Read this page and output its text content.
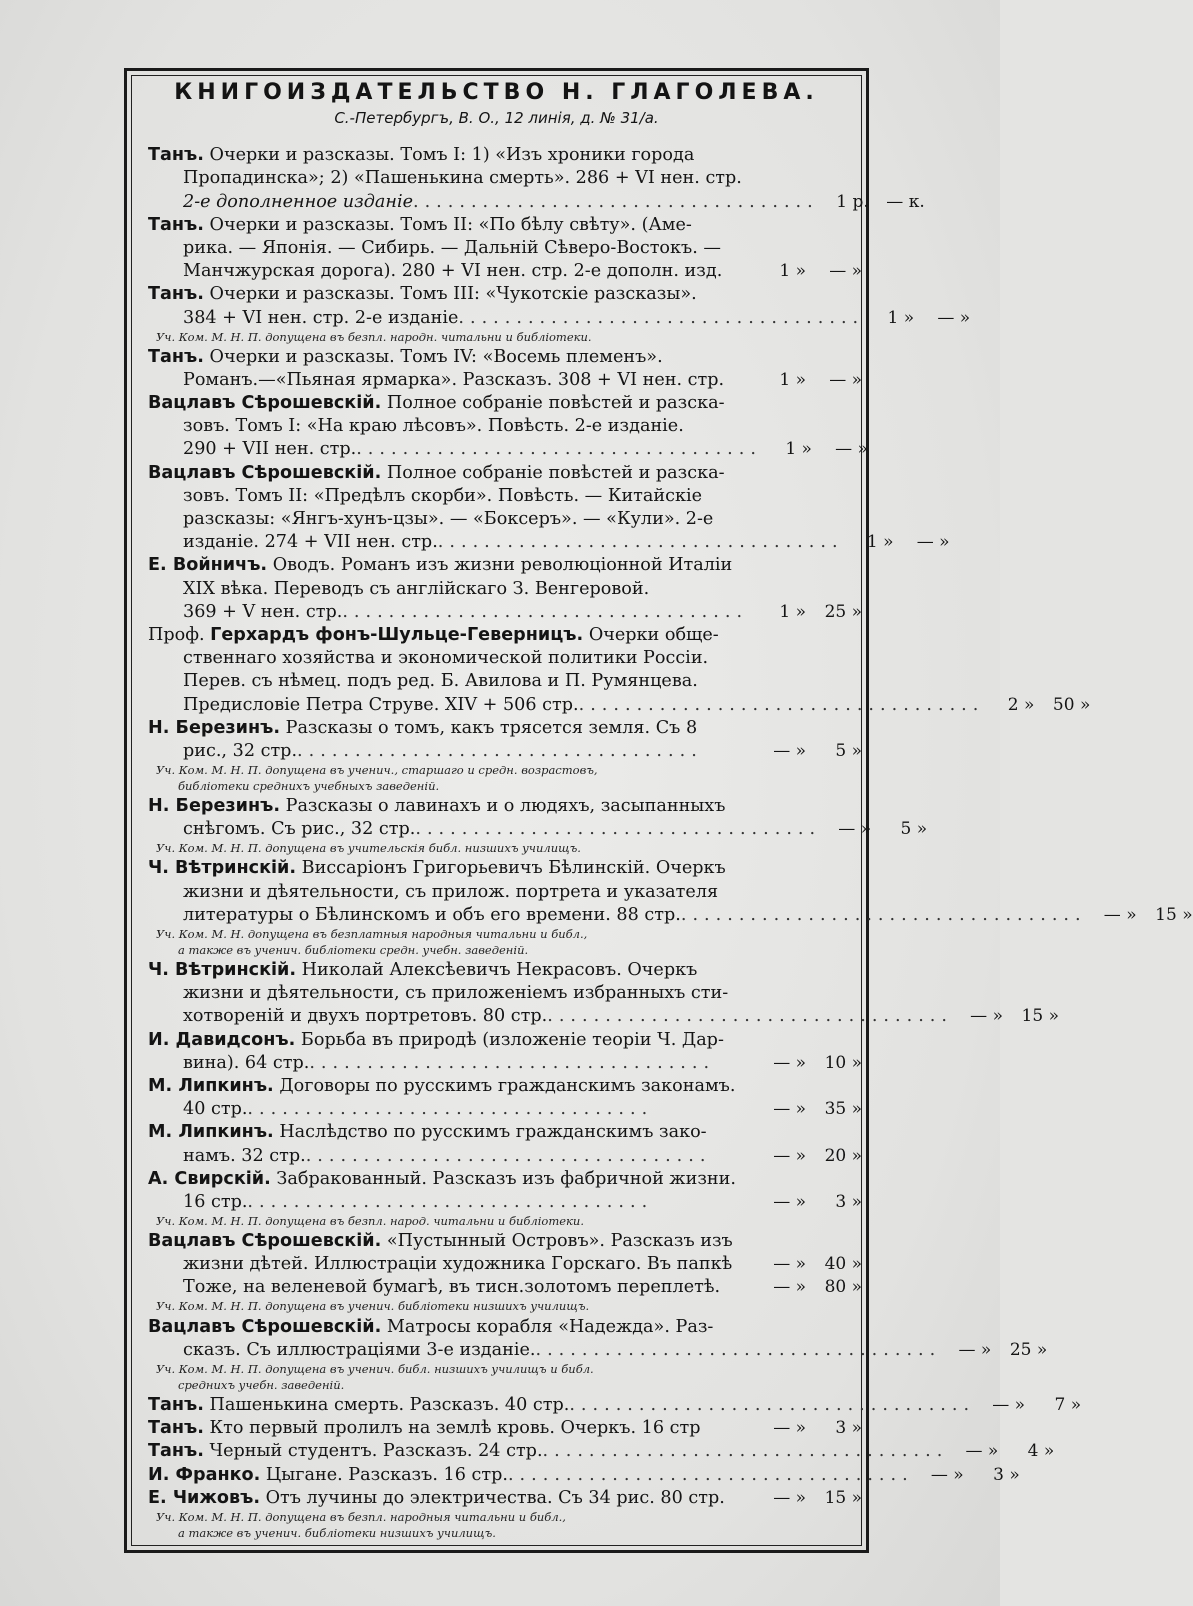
КНИГОИЗДАТЕЛЬСТВО Н. ГЛАГОЛЕВА.
С.-Петербургъ, В. О., 12 линія, д. № 31/а.
Танъ. Очерки и разсказы. Томъ I: 1) «Изъ хроники города
Пропадинска»; 2) «Пашенькина смерть». 286 + VI нен. стр.
2-е дополненное изданіе ...................................	1 р.	— к.
Танъ. Очерки и разсказы. Томъ II: «По бѣлу свѣту». (Аме-
рика. — Японія. — Сибирь. — Дальній Сѣверо-Востокъ. —
Манчжурская дорога). 280 + VI нен. стр. 2-е дополн. изд.	1 »	— »
Танъ. Очерки и разсказы. Томъ III: «Чукотскіе разсказы».
384 + VI нен. стр. 2-е изданіе ...................................	1 »	— »
Уч. Ком. М. Н. П. допущена въ безпл. народн. читальни и библіотеки.
Танъ. Очерки и разсказы. Томъ IV: «Восемь племенъ».
Романъ.—«Пьяная ярмарка». Разсказъ. 308 + VI нен. стр.	1 »	— »
Вацлавъ Сѣрошевскій. Полное собраніе повѣстей и разска-
зовъ. Томъ I: «На краю лѣсовъ». Повѣсть. 2-е изданіе.
290 + VII нен. стр. ...................................	1 »	— »
Вацлавъ Сѣрошевскій. Полное собраніе повѣстей и разска-
зовъ. Томъ II: «Предѣлъ скорби». Повѣсть. — Китайскіе
разсказы: «Янгъ-хунъ-цзы». — «Боксеръ». — «Кули». 2-е
изданіе. 274 + VII нен. стр. ...................................	1 »	— »
Е. Войничъ. Оводъ. Романъ изъ жизни революціонной Италіи
XIX вѣка. Переводъ съ англійскаго З. Венгеровой.
369 + V нен. стр. ...................................	1 »	25 »
Проф. Герхардъ фонъ-Шульце-Геверницъ. Очерки обще-
ственнаго хозяйства и экономической политики Россіи.
Перев. съ нѣмец. подъ ред. Б. Авилова и П. Румянцева.
Предисловіе Петра Струве. XIV + 506 стр. ...................................	2 »	50 »
Н. Березинъ. Разсказы о томъ, какъ трясется земля. Съ 8
рис., 32 стр. ...................................	— »	5 »
Уч. Ком. М. Н. П. допущена въ ученич., старшаго и средн. возрастовъ,
библіотеки среднихъ учебныхъ заведеній.
Н. Березинъ. Разсказы о лавинахъ и о людяхъ, засыпанныхъ
снѣгомъ. Съ рис., 32 стр. ...................................	— »	5 »
Уч. Ком. М. Н. П. допущена въ учительскія библ. низшихъ училищъ.
Ч. Вѣтринскій. Виссаріонъ Григорьевичъ Бѣлинскій. Очеркъ
жизни и дѣятельности, съ прилож. портрета и указателя
литературы о Бѣлинскомъ и объ его времени. 88 стр. ...................................	— »	15 »
Уч. Ком. М. Н. допущена въ безплатныя народныя читальни и библ.,
а также въ ученич. библіотеки средн. учебн. заведеній.
Ч. Вѣтринскій. Николай Алексѣевичъ Некрасовъ. Очеркъ
жизни и дѣятельности, съ приложеніемъ избранныхъ сти-
хотвореній и двухъ портретовъ. 80 стр. ...................................	— »	15 »
И. Давидсонъ. Борьба въ природѣ (изложеніе теоріи Ч. Дар-
вина). 64 стр. ...................................	— »	10 »
М. Липкинъ. Договоры по русскимъ гражданскимъ законамъ.
40 стр. ...................................	— »	35 »
М. Липкинъ. Наслѣдство по русскимъ гражданскимъ зако-
намъ. 32 стр. ...................................	— »	20 »
А. Свирскій. Забракованный. Разсказъ изъ фабричной жизни.
16 стр. ...................................	— »	3 »
Уч. Ком. М. Н. П. допущена въ безпл. народ. читальни и библіотеки.
Вацлавъ Сѣрошевскій. «Пустынный Островъ». Разсказъ изъ
жизни дѣтей. Иллюстраціи художника Горскаго. Въ папкѣ	— »	40 »
Тоже, на веленевой бумагѣ, въ тисн.золотомъ переплетѣ.	— »	80 »
Уч. Ком. М. Н. П. допущена въ ученич. библіотеки низшихъ училищъ.
Вацлавъ Сѣрошевскій. Матросы корабля «Надежда». Раз-
сказъ. Съ иллюстраціями 3-е изданіе. ...................................	— »	25 »
Уч. Ком. М. Н. П. допущена въ ученич. библ. низшихъ училищъ и библ.
среднихъ учебн. заведеній.
Танъ. Пашенькина смерть. Разсказъ. 40 стр. ...................................	— »	7 »
Танъ. Кто первый пролилъ на землѣ кровь. Очеркъ. 16 стр	— »	3 »
Танъ. Черный студентъ. Разсказъ. 24 стр. ...................................	— »	4 »
И. Франко. Цыгане. Разсказъ. 16 стр. ...................................	— »	3 »
Е. Чижовъ. Отъ лучины до электричества. Съ 34 рис. 80 стр.	— »	15 »
Уч. Ком. М. Н. П. допущена въ безпл. народныя читальни и библ.,
а также въ ученич. библіотеки низшихъ училищъ.
